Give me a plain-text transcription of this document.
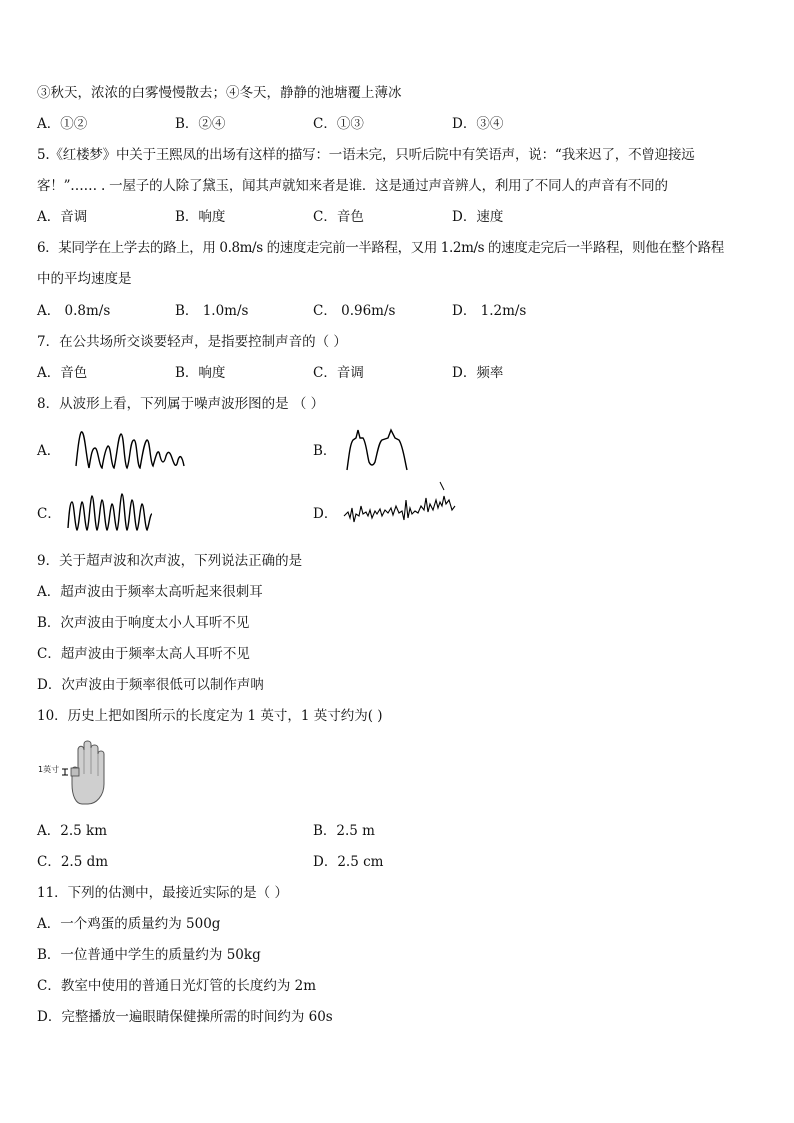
③秋天，浓浓的白雾慢慢散去；④冬天，静静的池塘覆上薄冰
A．①②	B．②④	C．①③	D．③④
5.《红楼梦》中关于王熙凤的出场有这样的描写：一语未完，只听后院中有笑语声，说：“我来迟了，不曾迎接远
客！”…… . 一屋子的人除了黛玉，闻其声就知来者是谁．这是通过声音辨人，利用了不同人的声音有不同的
A．音调	B．响度	C．音色	D．速度
6．某同学在上学去的路上，用 0.8m/s 的速度走完前一半路程，又用 1.2m/s 的速度走完后一半路程，则他在整个路程
中的平均速度是
A． 0.8m/s	B． 1.0m/s	C． 0.96m/s	D． 1.2m/s
7．在公共场所交谈要轻声，是指要控制声音的（ ）
A．音色	B．响度	C．音调	D．频率
8．从波形上看，下列属于噪声波形图的是 （ ）
A．	B．
C．	D．
9．关于超声波和次声波，下列说法正确的是
A．超声波由于频率太高听起来很刺耳
B．次声波由于响度太小人耳听不见
C．超声波由于频率太高人耳听不见
D．次声波由于频率很低可以制作声呐
10．历史上把如图所示的长度定为 1 英寸，1 英寸约为( )
1英寸
A．2.5 km	B．2.5 m
C．2.5 dm	D．2.5 cm
11．下列的估测中，最接近实际的是（ ）
A．一个鸡蛋的质量约为 500g
B．一位普通中学生的质量约为 50kg
C．教室中使用的普通日光灯管的长度约为 2m
D．完整播放一遍眼睛保健操所需的时间约为 60s
